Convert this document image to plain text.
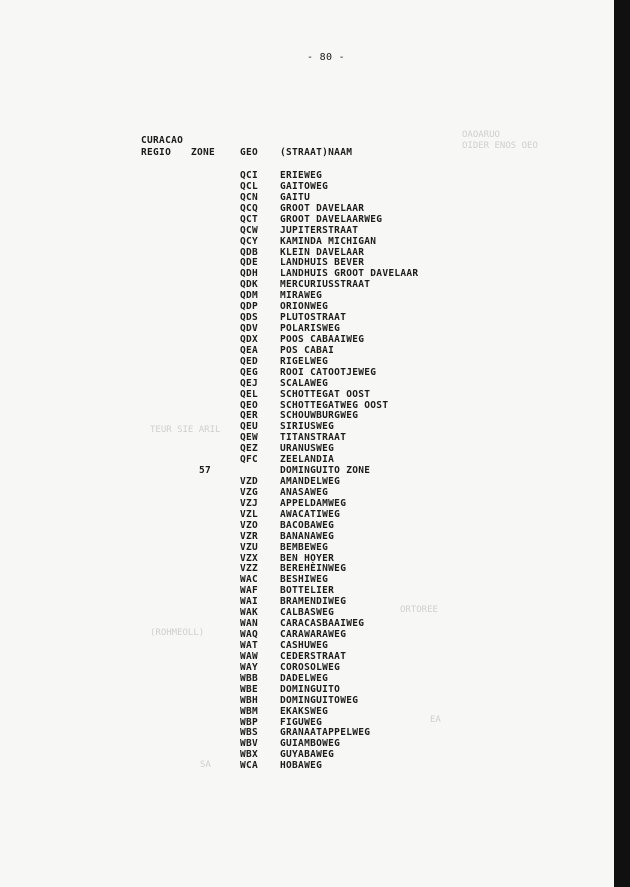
- 80 -
OAOARUO
OIDER ENOS OEO
TEUR SIE ARIL
ORTOREE
(ROHMEOLL)
EA
SA
CURACAO
REGIO ZONE	GEO (STRAAT)NAAM
QCI ERIEWEG
QCL GAITOWEG
QCN GAITU
QCQ GROOT DAVELAAR
QCT GROOT DAVELAARWEG
QCW JUPITERSTRAAT
QCY KAMINDA MICHIGAN
QDB KLEIN DAVELAAR
QDE LANDHUIS BEVER
QDH LANDHUIS GROOT DAVELAAR
QDK MERCURIUSSTRAAT
QDM MIRAWEG
QDP ORIONWEG
QDS PLUTOSTRAAT
QDV POLARISWEG
QDX POOS CABAAIWEG
QEA POS CABAI
QED RIGELWEG
QEG ROOI CATOOTJEWEG
QEJ SCALAWEG
QEL SCHOTTEGAT OOST
QEO SCHOTTEGATWEG OOST
QER SCHOUWBURGWEG
QEU SIRIUSWEG
QEW TITANSTRAAT
QEZ URANUSWEG
QFC ZEELANDIA
57	DOMINGUITO ZONE
VZD AMANDELWEG
VZG ANASAWEG
VZJ APPELDAMWEG
VZL AWACATIWEG
VZO BACOBAWEG
VZR BANANAWEG
VZU BEMBEWEG
VZX BEN HOYER
VZZ BEREHÈINWEG
WAC BESHIWEG
WAF BOTTELIER
WAI BRAMENDIWEG
WAK CALBASWEG
WAN CARACASBAAIWEG
WAQ CARAWARAWEG
WAT CASHUWEG
WAW CEDERSTRAAT
WAY COROSOLWEG
WBB DADELWEG
WBE DOMINGUITO
WBH DOMINGUITOWEG
WBM EKAKSWEG
WBP FIGUWEG
WBS GRANAATAPPELWEG
WBV GUIAMBOWEG
WBX GUYABAWEG
WCA HOBAWEG
